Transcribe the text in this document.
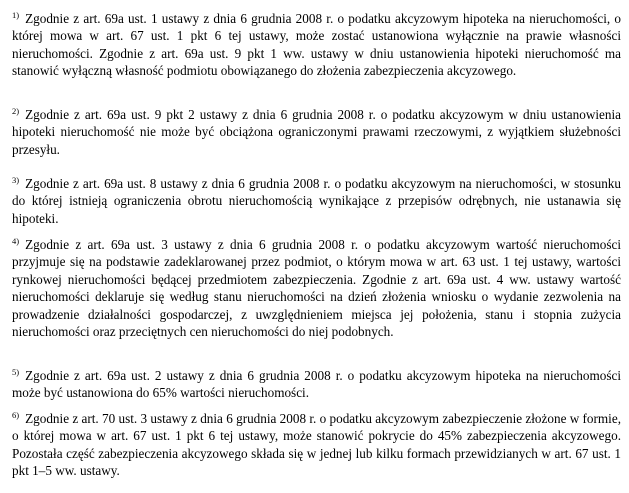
$^{1)}$ Zgodnie z art. 69a ust. 1 ustawy z dnia 6 grudnia 2008 r. o podatku akcyzowym hipoteka na nieruchomości, o której mowa w art. 67 ust. 1 pkt 6 tej ustawy, może zostać ustanowiona wyłącznie na prawie własności nieruchomości. Zgodnie z art. 69a ust. 9 pkt 1 ww. ustawy w dniu ustanowienia hipoteki nieruchomość ma stanowić wyłączną własność podmiotu obowiązanego do złożenia zabezpieczenia akcyzowego.

$^{2)}$ Zgodnie z art. 69a ust. 9 pkt 2 ustawy z dnia 6 grudnia 2008 r. o podatku akcyzowym w dniu ustanowienia hipoteki nieruchomość nie może być obciążona ograniczonymi prawami rzeczowymi, z wyjątkiem służebności przesyłu.

$^{3)}$ Zgodnie z art. 69a ust. 8 ustawy z dnia 6 grudnia 2008 r. o podatku akcyzowym na nieruchomości, w stosunku do której istnieją ograniczenia obrotu nieruchomością wynikające z przepisów odrębnych, nie ustanawia się hipoteki.

$^{4)}$ Zgodnie z art. 69a ust. 3 ustawy z dnia 6 grudnia 2008 r. o podatku akcyzowym wartość nieruchomości przyjmuje się na podstawie zadeklarowanej przez podmiot, o którym mowa w art. 63 ust. 1 tej ustawy, wartości rynkowej nieruchomości będącej przedmiotem zabezpieczenia. Zgodnie z art. 69a ust. 4 ww. ustawy wartość nieruchomości deklaruje się według stanu nieruchomości na dzień złożenia wniosku o wydanie zezwolenia na prowadzenie działalności gospodarczej, z uwzględnieniem miejsca jej położenia, stanu i stopnia zużycia nieruchomości oraz przeciętnych cen nieruchomości do niej podobnych.

$^{5)}$ Zgodnie z art. 69a ust. 2 ustawy z dnia 6 grudnia 2008 r. o podatku akcyzowym hipoteka na nieruchomości może być ustanowiona do 65% wartości nieruchomości.

$^{6)}$ Zgodnie z art. 70 ust. 3 ustawy z dnia 6 grudnia 2008 r. o podatku akcyzowym zabezpieczenie złożone w formie, o której mowa w art. 67 ust. 1 pkt 6 tej ustawy, może stanowić pokrycie do 45% zabezpieczenia akcyzowego. Pozostała część zabezpieczenia akcyzowego składa się w jednej lub kilku formach przewidzianych w art. 67 ust. 1 pkt 1–5 ww. ustawy.
